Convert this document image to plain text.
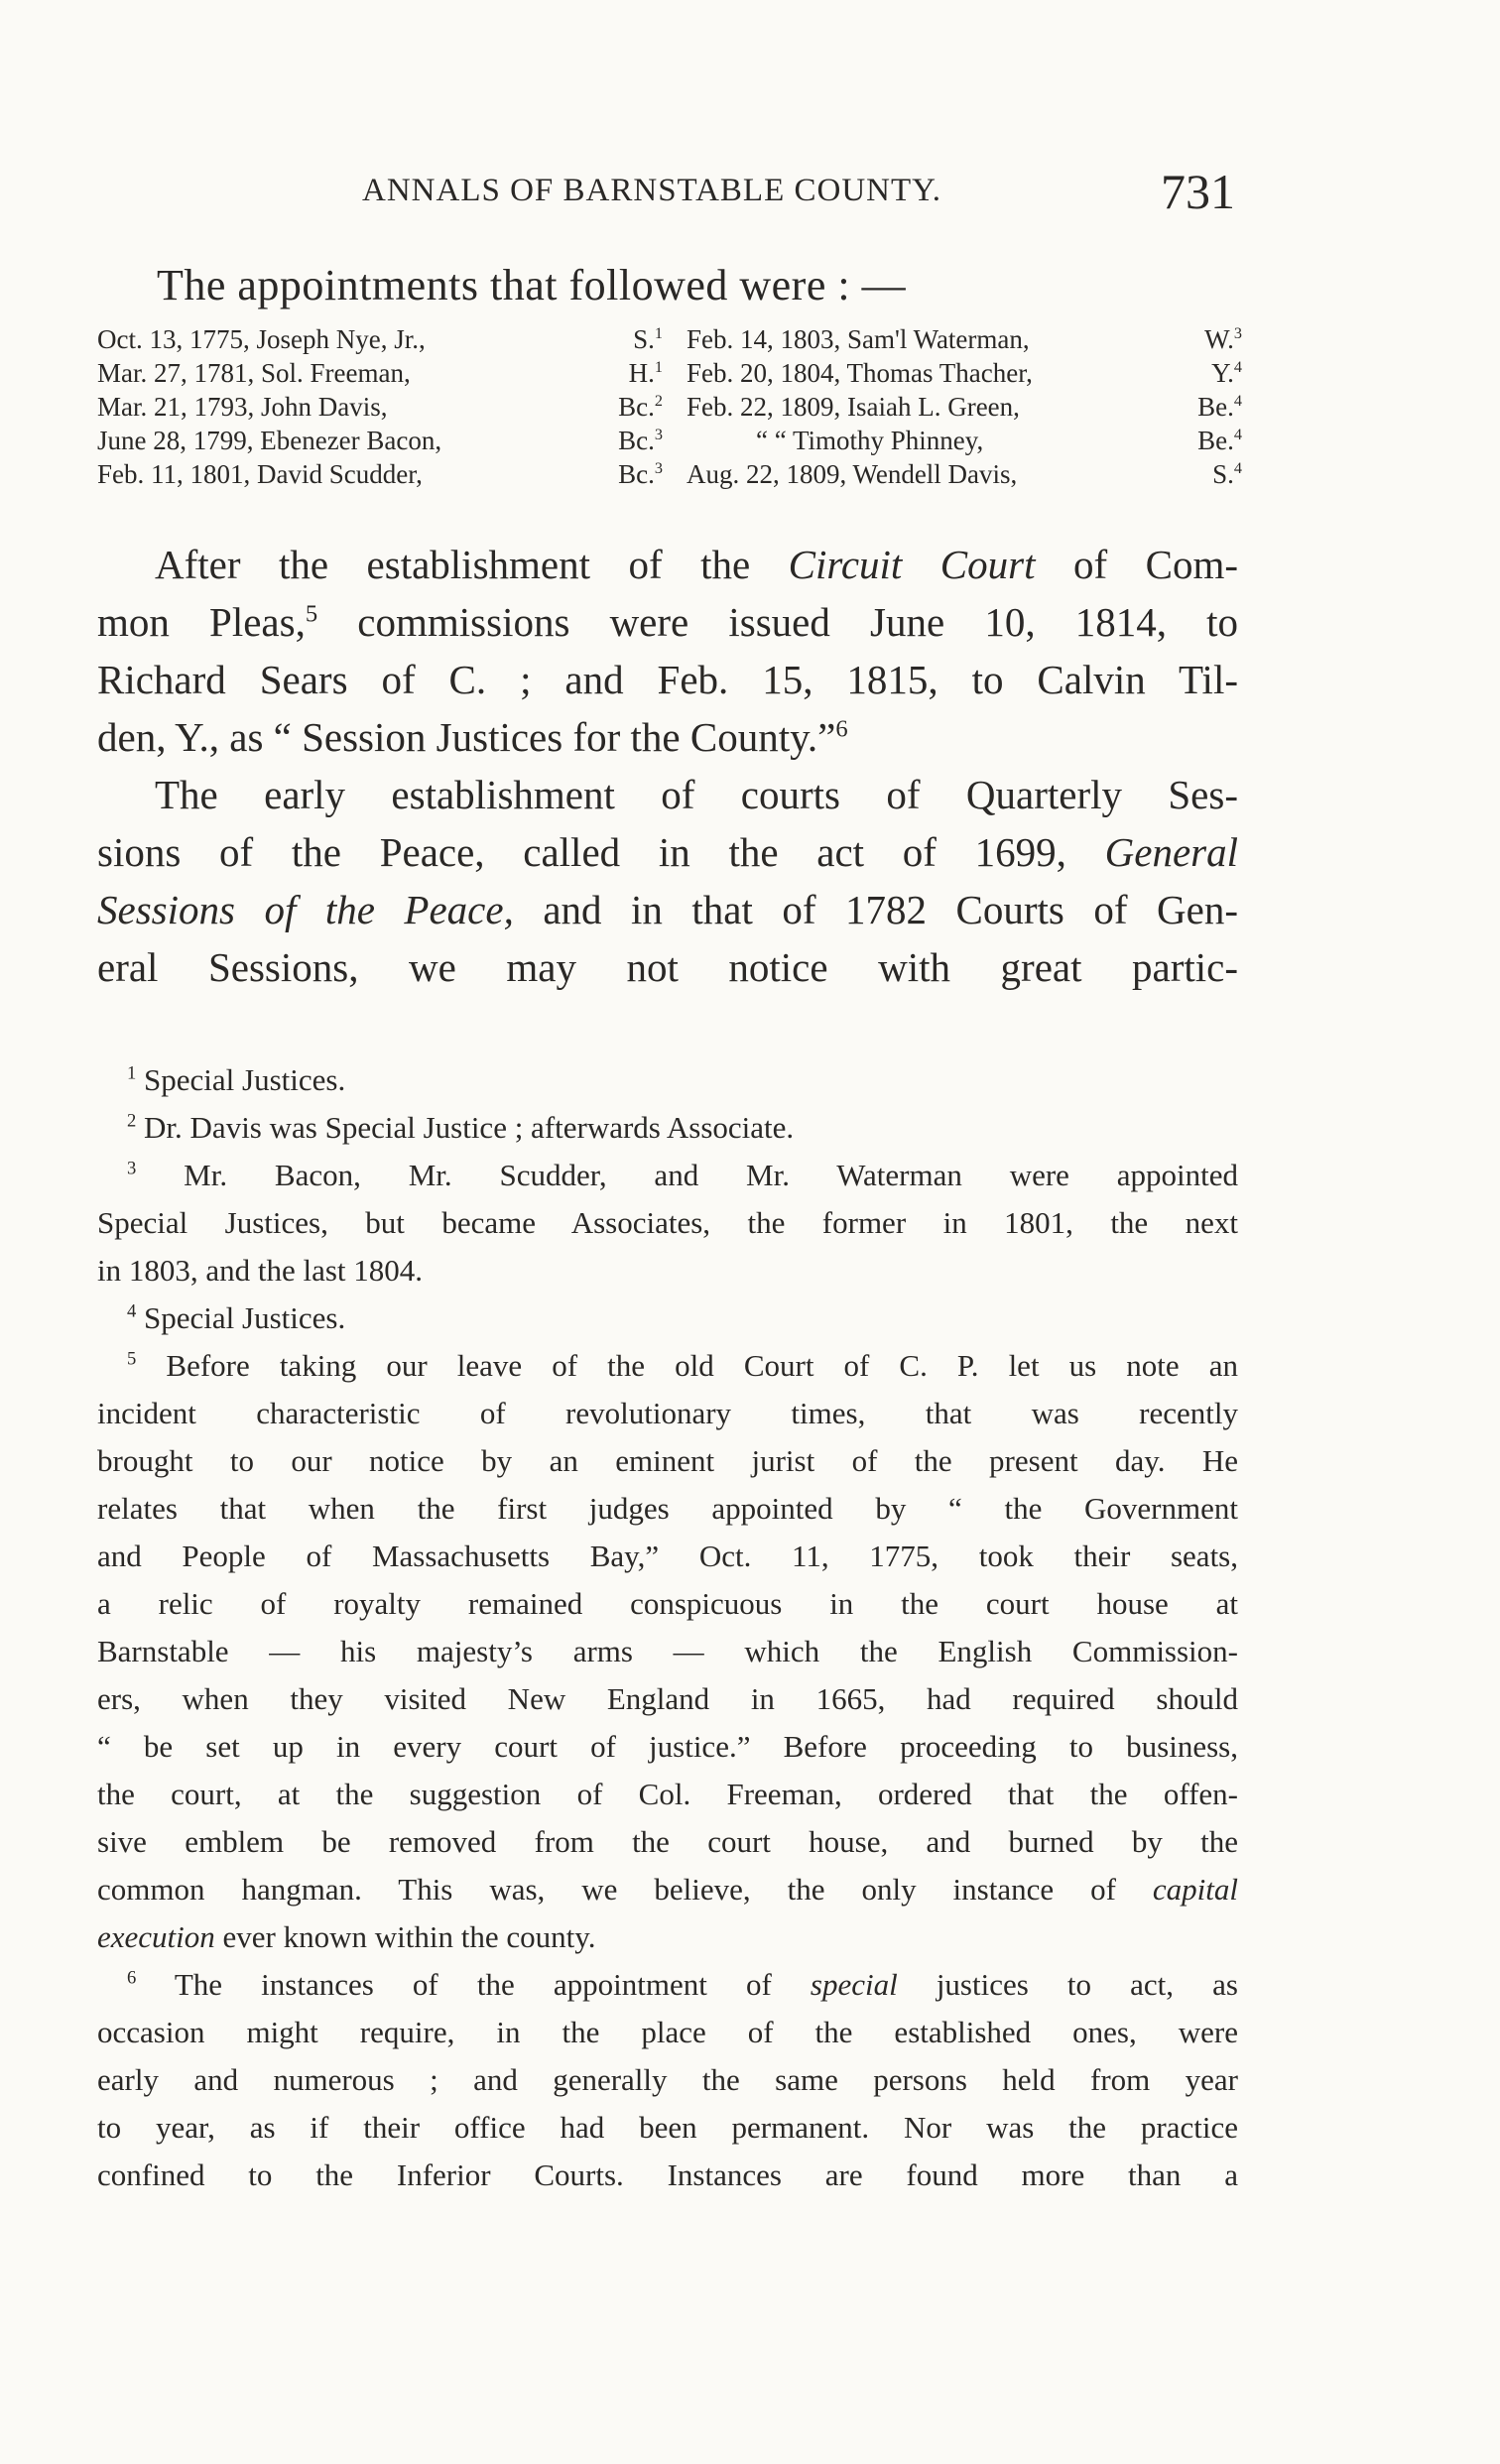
ANNALS OF BARNSTABLE COUNTY.	731
The appointments that followed were : —
Oct. 13, 1775, Joseph Nye, Jr.,	S.$^1$
Mar. 27, 1781, Sol. Freeman,	H.$^1$
Mar. 21, 1793, John Davis,	Bc.$^2$
June 28, 1799, Ebenezer Bacon,	Bc.$^3$
Feb. 11, 1801, David Scudder,	Bc.$^3$
Feb. 14, 1803, Sam'l Waterman,	W.$^3$
Feb. 20, 1804, Thomas Thacher,	Y.$^4$
Feb. 22, 1809, Isaiah L. Green,	Be.$^4$
“ “ Timothy Phinney,	Be.$^4$
Aug. 22, 1809, Wendell Davis,	S.$^4$

After the establishment of the Circuit Court of Com-
mon Pleas,$^5$ commissions were issued June 10, 1814, to
Richard Sears of C. ; and Feb. 15, 1815, to Calvin Til-
den, Y., as “ Session Justices for the County.”$^6$

The early establishment of courts of Quarterly Ses-
sions of the Peace, called in the act of 1699, General
Sessions of the Peace, and in that of 1782 Courts of Gen-
eral Sessions, we may not notice with great partic-

$^1$ Special Justices.

$^2$ Dr. Davis was Special Justice ; afterwards Associate.

$^3$ Mr. Bacon, Mr. Scudder, and Mr. Waterman were appointed
Special Justices, but became Associates, the former in 1801, the next
in 1803, and the last 1804.

$^4$ Special Justices.

$^5$ Before taking our leave of the old Court of C. P. let us note an
incident characteristic of revolutionary times, that was recently
brought to our notice by an eminent jurist of the present day. He
relates that when the first judges appointed by “ the Government
and People of Massachusetts Bay,” Oct. 11, 1775, took their seats,
a relic of royalty remained conspicuous in the court house at
Barnstable — his majesty’s arms — which the English Commission-
ers, when they visited New England in 1665, had required should
“ be set up in every court of justice.” Before proceeding to business,
the court, at the suggestion of Col. Freeman, ordered that the offen-
sive emblem be removed from the court house, and burned by the
common hangman. This was, we believe, the only instance of capital
execution ever known within the county.

$^6$ The instances of the appointment of special justices to act, as
occasion might require, in the place of the established ones, were
early and numerous ; and generally the same persons held from year
to year, as if their office had been permanent. Nor was the practice
confined to the Inferior Courts. Instances are found more than a
